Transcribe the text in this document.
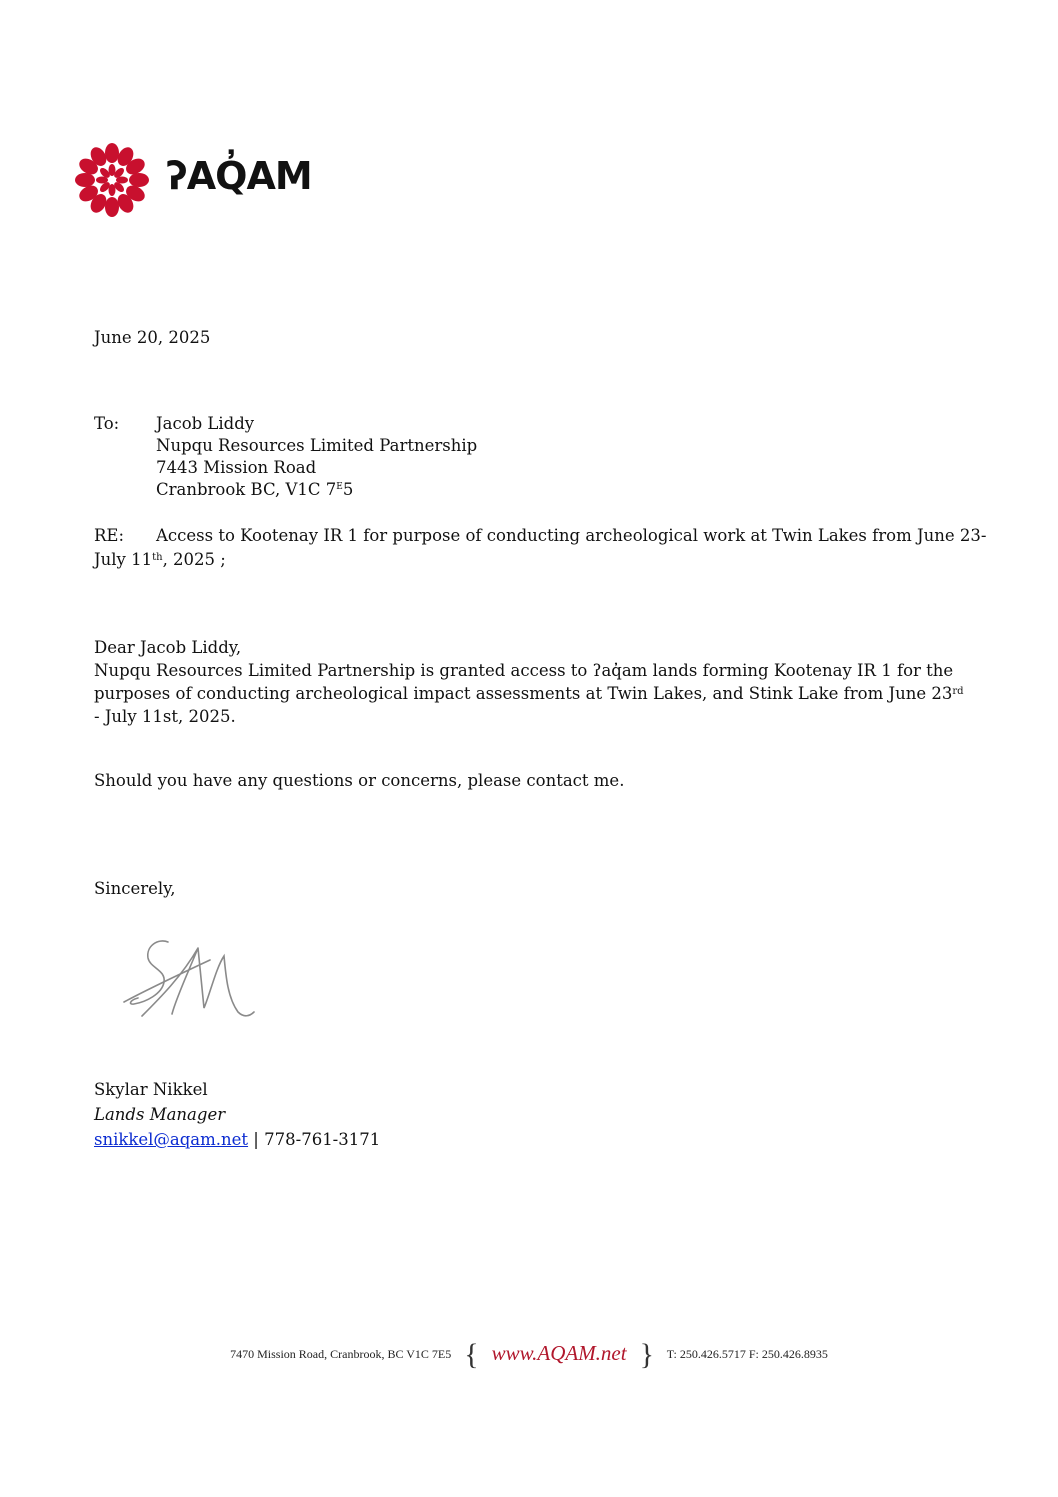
ʔAQ̓AM
June 20, 2025
To: Jacob Liddy
Nupqu Resources Limited Partnership
7443 Mission Road
Cranbrook BC, V1C $7^E5$
RE: Access to Kootenay IR 1 for purpose of conducting archeological work at Twin Lakes from June 23-
July 11th, 2025 ;
Dear Jacob Liddy,
Nupqu Resources Limited Partnership is granted access to ʔaq̓am lands forming Kootenay IR 1 for the purposes of conducting archeological impact assessments at Twin Lakes, and Stink Lake from June 23rd - July 11st, 2025.
Should you have any questions or concerns, please contact me.
Sincerely,
Skylar Nikkel
Lands Manager
snikkel@aqam.net | 778-761-3171
7470 Mission Road, Cranbrook, BC V1C 7E5 { www.AQAM.net } T: 250.426.5717 F: 250.426.8935
